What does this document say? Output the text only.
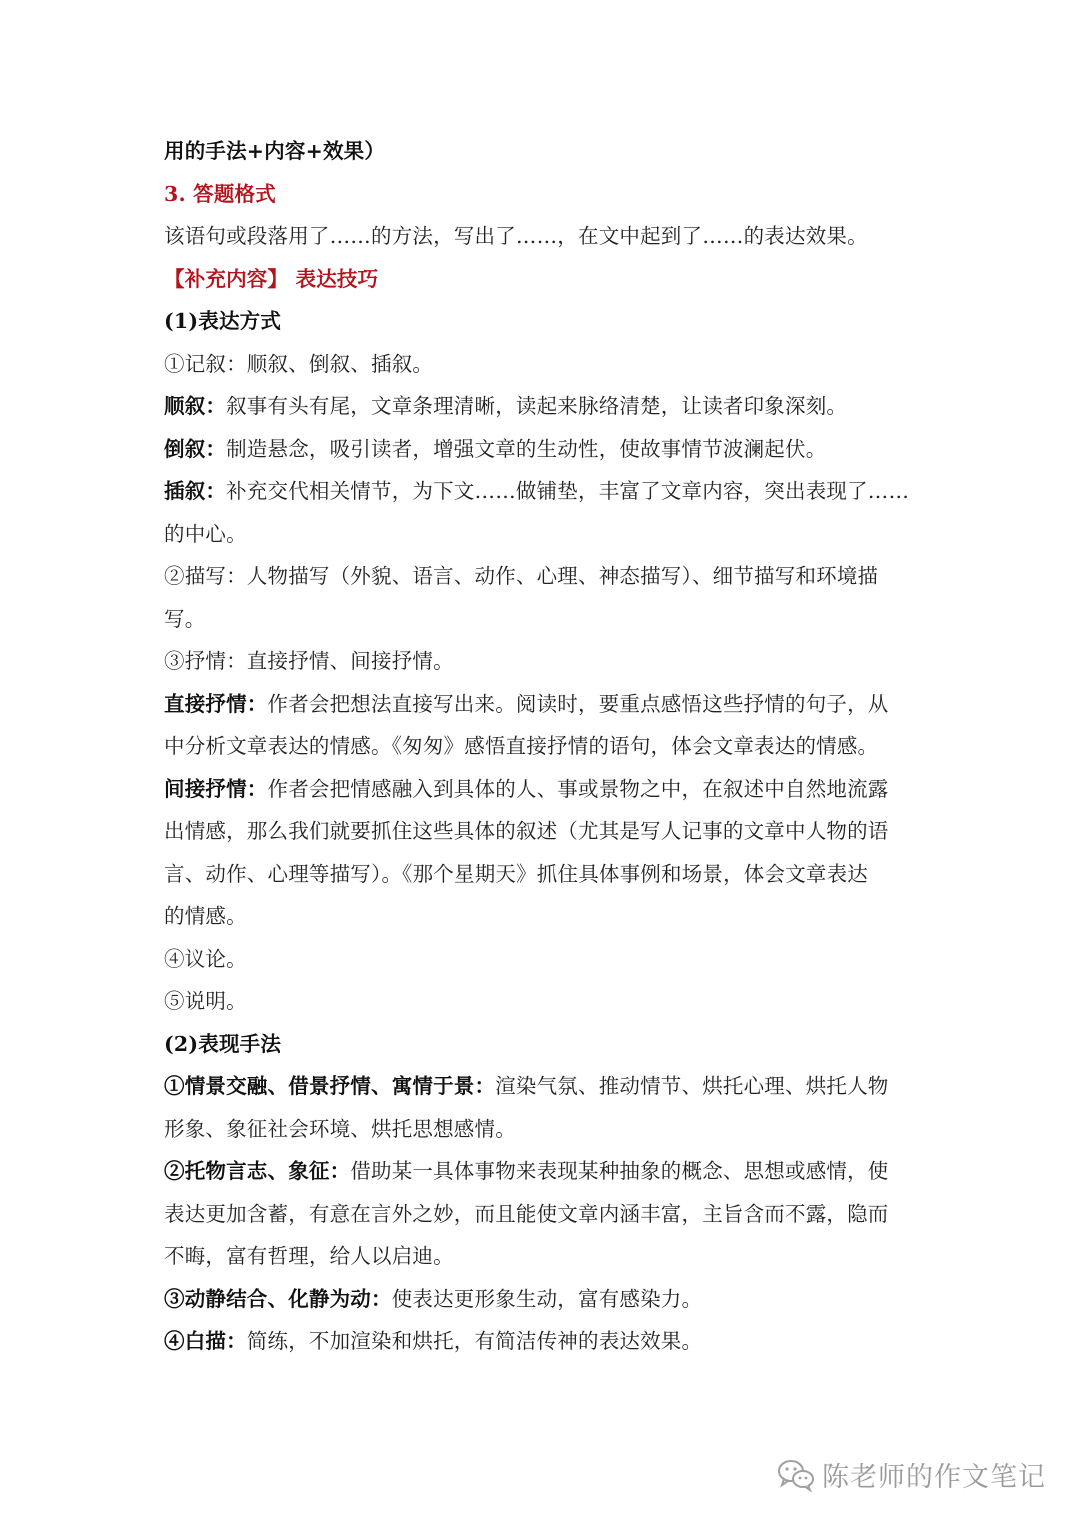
用的手法+内容+效果）
3. 答题格式
该语句或段落用了……的方法，写出了……，在文中起到了……的表达效果。
【补充内容】 表达技巧
(1)表达方式
①记叙：顺叙、倒叙、插叙。
顺叙：叙事有头有尾，文章条理清晰，读起来脉络清楚，让读者印象深刻。
倒叙：制造悬念，吸引读者，增强文章的生动性，使故事情节波澜起伏。
插叙：补充交代相关情节，为下文……做铺垫，丰富了文章内容，突出表现了……
的中心。
②描写：人物描写（外貌、语言、动作、心理、神态描写）、细节描写和环境描
写。
③抒情：直接抒情、间接抒情。
直接抒情：作者会把想法直接写出来。阅读时，要重点感悟这些抒情的句子，从
中分析文章表达的情感。《匆匆》感悟直接抒情的语句，体会文章表达的情感。
间接抒情：作者会把情感融入到具体的人、事或景物之中，在叙述中自然地流露
出情感，那么我们就要抓住这些具体的叙述（尤其是写人记事的文章中人物的语
言、动作、心理等描写）。《那个星期天》抓住具体事例和场景，体会文章表达
的情感。
④议论。
⑤说明。
(2)表现手法
①情景交融、借景抒情、寓情于景：渲染气氛、推动情节、烘托心理、烘托人物
形象、象征社会环境、烘托思想感情。
②托物言志、象征：借助某一具体事物来表现某种抽象的概念、思想或感情，使
表达更加含蓄，有意在言外之妙，而且能使文章内涵丰富，主旨含而不露，隐而
不晦，富有哲理，给人以启迪。
③动静结合、化静为动：使表达更形象生动，富有感染力。
④白描：简练，不加渲染和烘托，有简洁传神的表达效果。
陈老师的作文笔记
